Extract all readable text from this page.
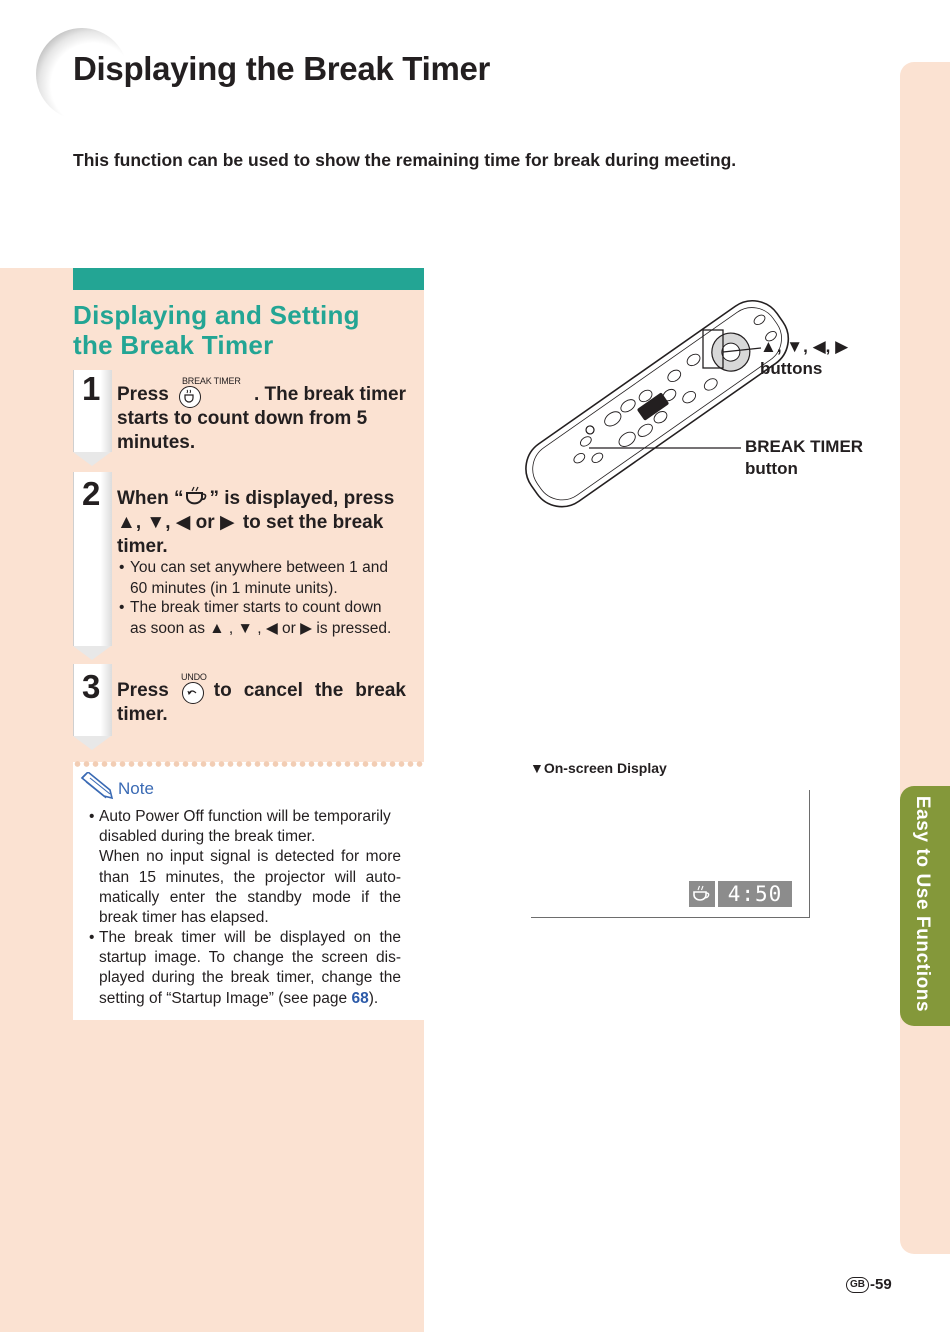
Displaying the Break Timer
This function can be used to show the remaining time for break during meeting.
Displaying and Setting
the Break Timer
1	BREAK TIMER
Press	. The break timer
starts to count down from 5
minutes.
2 When “ ” is displayed, press
▲, ▼, ◀ or ▶ to set the break
timer.
• You can set anywhere between 1 and 60 minutes (in 1 minute units).
• The break timer starts to count down
as soon as ▲ , ▼ , ◀ or ▶ is pressed.
3	UNDO
Press to cancel the break
timer.
Note
• Auto Power Off function will be temporarily disabled during the break timer.

When no input signal is detected for more than 15 minutes, the projector will auto-matically enter the standby mode if the break timer has elapsed.
• The break timer will be displayed on the startup image. To change the screen dis-played during the break timer, change the setting of “Startup Image” (see page 68).
▲, ▼, ◀, ▶
buttons
BREAK TIMER
button
▼On-screen Display
4:50	Easy to Use Functions
GB -59
